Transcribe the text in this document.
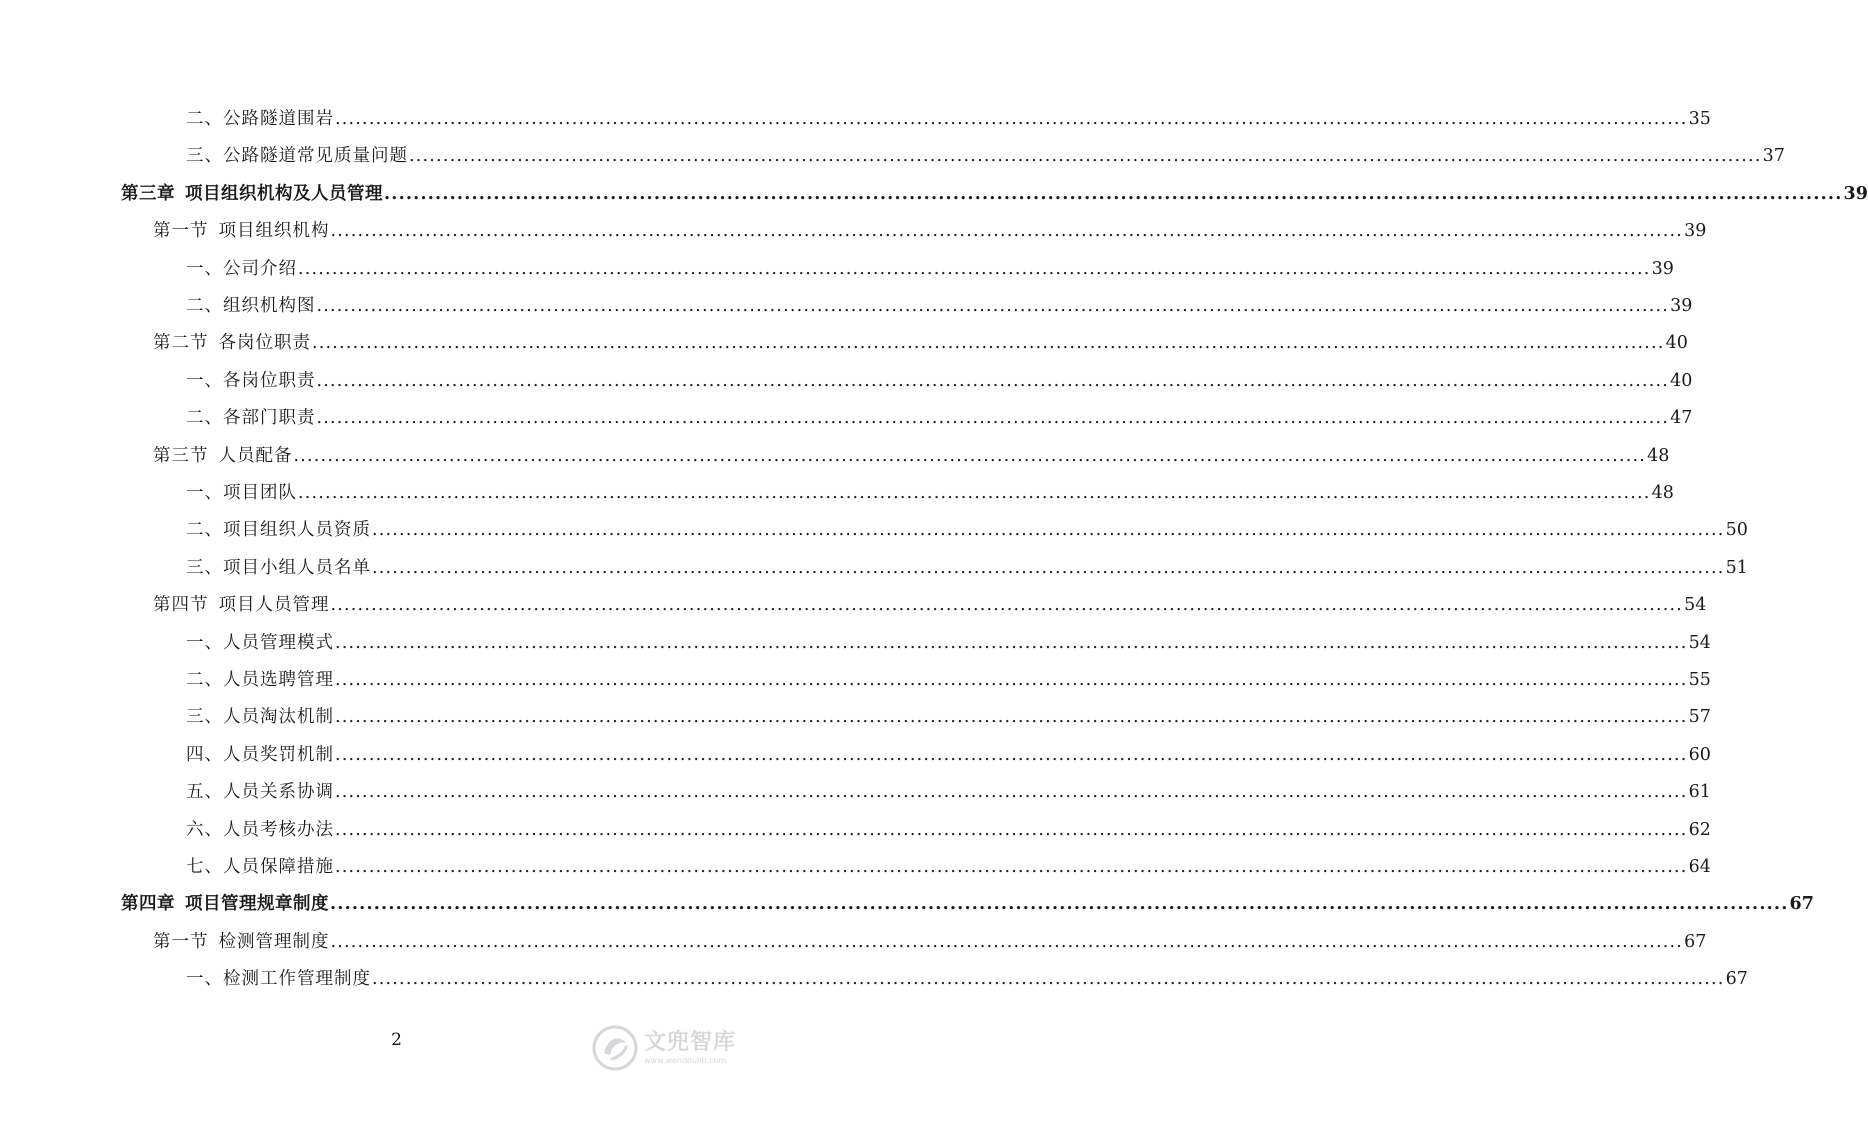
二、 公路隧道围岩 ........................................................................................................................................................................................................ 35
三、 公路隧道常见质量问题 ........................................................................................................................................................................................................ 37
第三章 项目组织机构及人员管理 ........................................................................................................................................................................................................ 39
第一节 项目组织机构 ........................................................................................................................................................................................................ 39
一、 公司介绍 ........................................................................................................................................................................................................ 39
二、 组织机构图 ........................................................................................................................................................................................................ 39
第二节 各岗位职责 ........................................................................................................................................................................................................ 40
一、 各岗位职责 ........................................................................................................................................................................................................ 40
二、 各部门职责 ........................................................................................................................................................................................................ 47
第三节 人员配备 ........................................................................................................................................................................................................ 48
一、 项目团队 ........................................................................................................................................................................................................ 48
二、 项目组织人员资质 ........................................................................................................................................................................................................ 50
三、 项目小组人员名单 ........................................................................................................................................................................................................ 51
第四节 项目人员管理 ........................................................................................................................................................................................................ 54
一、 人员管理模式 ........................................................................................................................................................................................................ 54
二、 人员选聘管理 ........................................................................................................................................................................................................ 55
三、 人员淘汰机制 ........................................................................................................................................................................................................ 57
四、 人员奖罚机制 ........................................................................................................................................................................................................ 60
五、 人员关系协调 ........................................................................................................................................................................................................ 61
六、 人员考核办法 ........................................................................................................................................................................................................ 62
七、 人员保障措施 ........................................................................................................................................................................................................ 64
第四章 项目管理规章制度 ........................................................................................................................................................................................................ 67
第一节 检测管理制度 ........................................................................................................................................................................................................ 67
一、 检测工作管理制度 ........................................................................................................................................................................................................ 67
2	文兜智库
www.wendoulib.com
